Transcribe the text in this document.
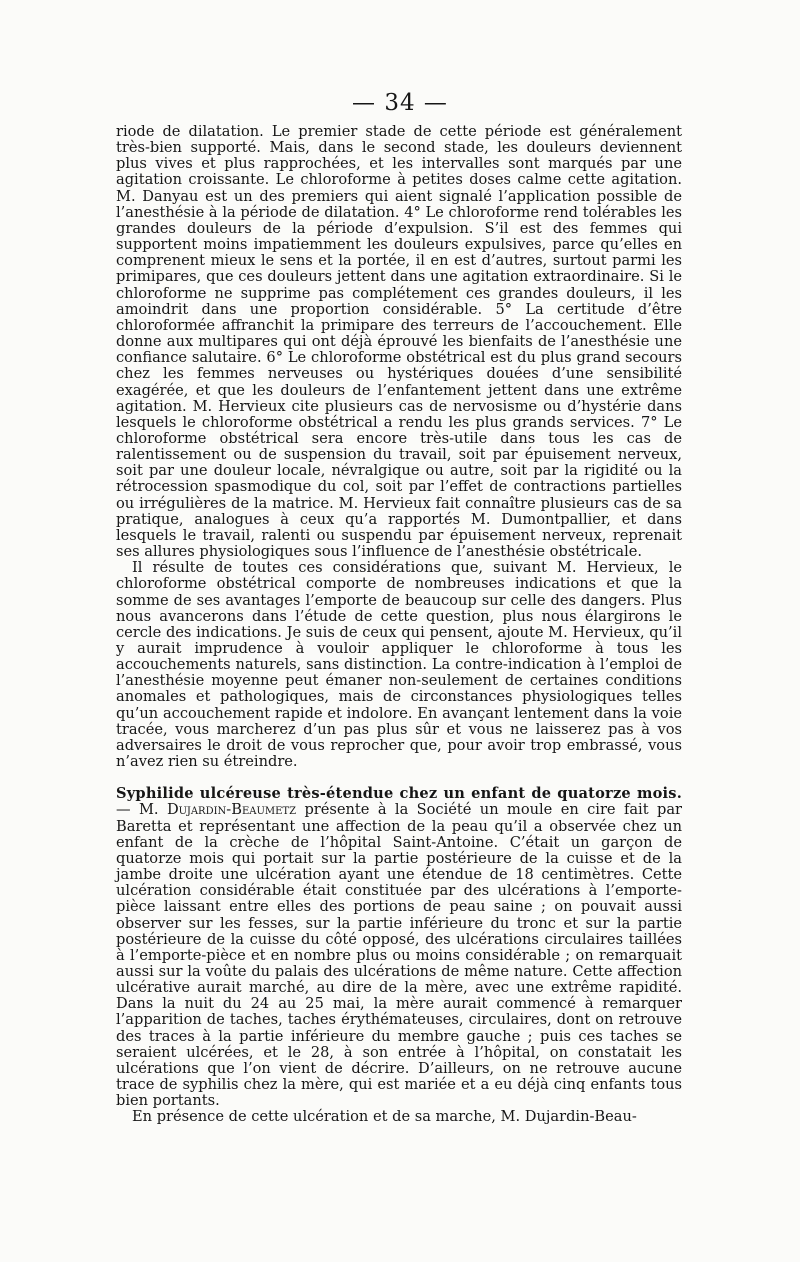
— 34 —

riode de dilatation. Le premier stade de cette période est généralement très-bien supporté. Mais, dans le second stade, les douleurs deviennent plus vives et plus rapprochées, et les intervalles sont marqués par une agitation croissante. Le chloroforme à petites doses calme cette agitation. M. Danyau est un des premiers qui aient signalé l’application possible de l’anesthésie à la période de dilatation. 4° Le chloroforme rend tolérables les grandes douleurs de la période d’expulsion. S’il est des femmes qui supportent moins impatiemment les douleurs expulsives, parce qu’elles en comprenent mieux le sens et la portée, il en est d’autres, surtout parmi les primipares, que ces douleurs jettent dans une agitation extraordinaire. Si le chloroforme ne supprime pas complétement ces grandes douleurs, il les amoindrit dans une proportion considérable. 5° La certitude d’être chloroformée affranchit la primipare des terreurs de l’accouchement. Elle donne aux multipares qui ont déjà éprouvé les bienfaits de l’anesthésie une confiance salutaire. 6° Le chloroforme obstétrical est du plus grand secours chez les femmes nerveuses ou hystériques douées d’une sensibilité exagérée, et que les douleurs de l’enfantement jettent dans une extrême agitation. M. Hervieux cite plusieurs cas de nervosisme ou d’hystérie dans lesquels le chloroforme obstétrical a rendu les plus grands services. 7° Le chloroforme obstétrical sera encore très-utile dans tous les cas de ralentissement ou de suspension du travail, soit par épuisement nerveux, soit par une douleur locale, névralgique ou autre, soit par la rigidité ou la rétrocession spasmodique du col, soit par l’effet de contractions partielles ou irrégulières de la matrice. M. Hervieux fait connaître plusieurs cas de sa pratique, analogues à ceux qu’a rapportés M. Dumontpallier, et dans lesquels le travail, ralenti ou suspendu par épuisement nerveux, reprenait ses allures physiologiques sous l’influence de l’anesthésie obstétricale.

Il résulte de toutes ces considérations que, suivant M. Hervieux, le chloroforme obstétrical comporte de nombreuses indications et que la somme de ses avantages l’emporte de beaucoup sur celle des dangers. Plus nous avancerons dans l’étude de cette question, plus nous élargirons le cercle des indications. Je suis de ceux qui pensent, ajoute M. Hervieux, qu’il y aurait imprudence à vouloir appliquer le chloroforme à tous les accouchements naturels, sans distinction. La contre-indication à l’emploi de l’anesthésie moyenne peut émaner non-seulement de certaines conditions anomales et pathologiques, mais de circonstances physiologiques telles qu’un accouchement rapide et indolore. En avançant lentement dans la voie tracée, vous marcherez d’un pas plus sûr et vous ne laisserez pas à vos adversaires le droit de vous reprocher que, pour avoir trop embrassé, vous n’avez rien su étreindre.

Syphilide ulcéreuse très-étendue chez un enfant de quatorze mois. — M. Dujardin-Beaumetz présente à la Société un moule en cire fait par Baretta et représentant une affection de la peau qu’il a observée chez un enfant de la crèche de l’hôpital Saint-Antoine. C’était un garçon de quatorze mois qui portait sur la partie postérieure de la cuisse et de la jambe droite une ulcération ayant une étendue de 18 centimètres. Cette ulcération considérable était constituée par des ulcérations à l’emporte-pièce laissant entre elles des portions de peau saine ; on pouvait aussi observer sur les fesses, sur la partie inférieure du tronc et sur la partie postérieure de la cuisse du côté opposé, des ulcérations circulaires taillées à l’emporte-pièce et en nombre plus ou moins considérable ; on remarquait aussi sur la voûte du palais des ulcérations de même nature. Cette affection ulcérative aurait marché, au dire de la mère, avec une extrême rapidité. Dans la nuit du 24 au 25 mai, la mère aurait commencé à remarquer l’apparition de taches, taches érythémateuses, circulaires, dont on retrouve des traces à la partie inférieure du membre gauche ; puis ces taches se seraient ulcérées, et le 28, à son entrée à l’hôpital, on constatait les ulcérations que l’on vient de décrire. D’ailleurs, on ne retrouve aucune trace de syphilis chez la mère, qui est mariée et a eu déjà cinq enfants tous bien portants.

En présence de cette ulcération et de sa marche, M. Dujardin-Beau-
